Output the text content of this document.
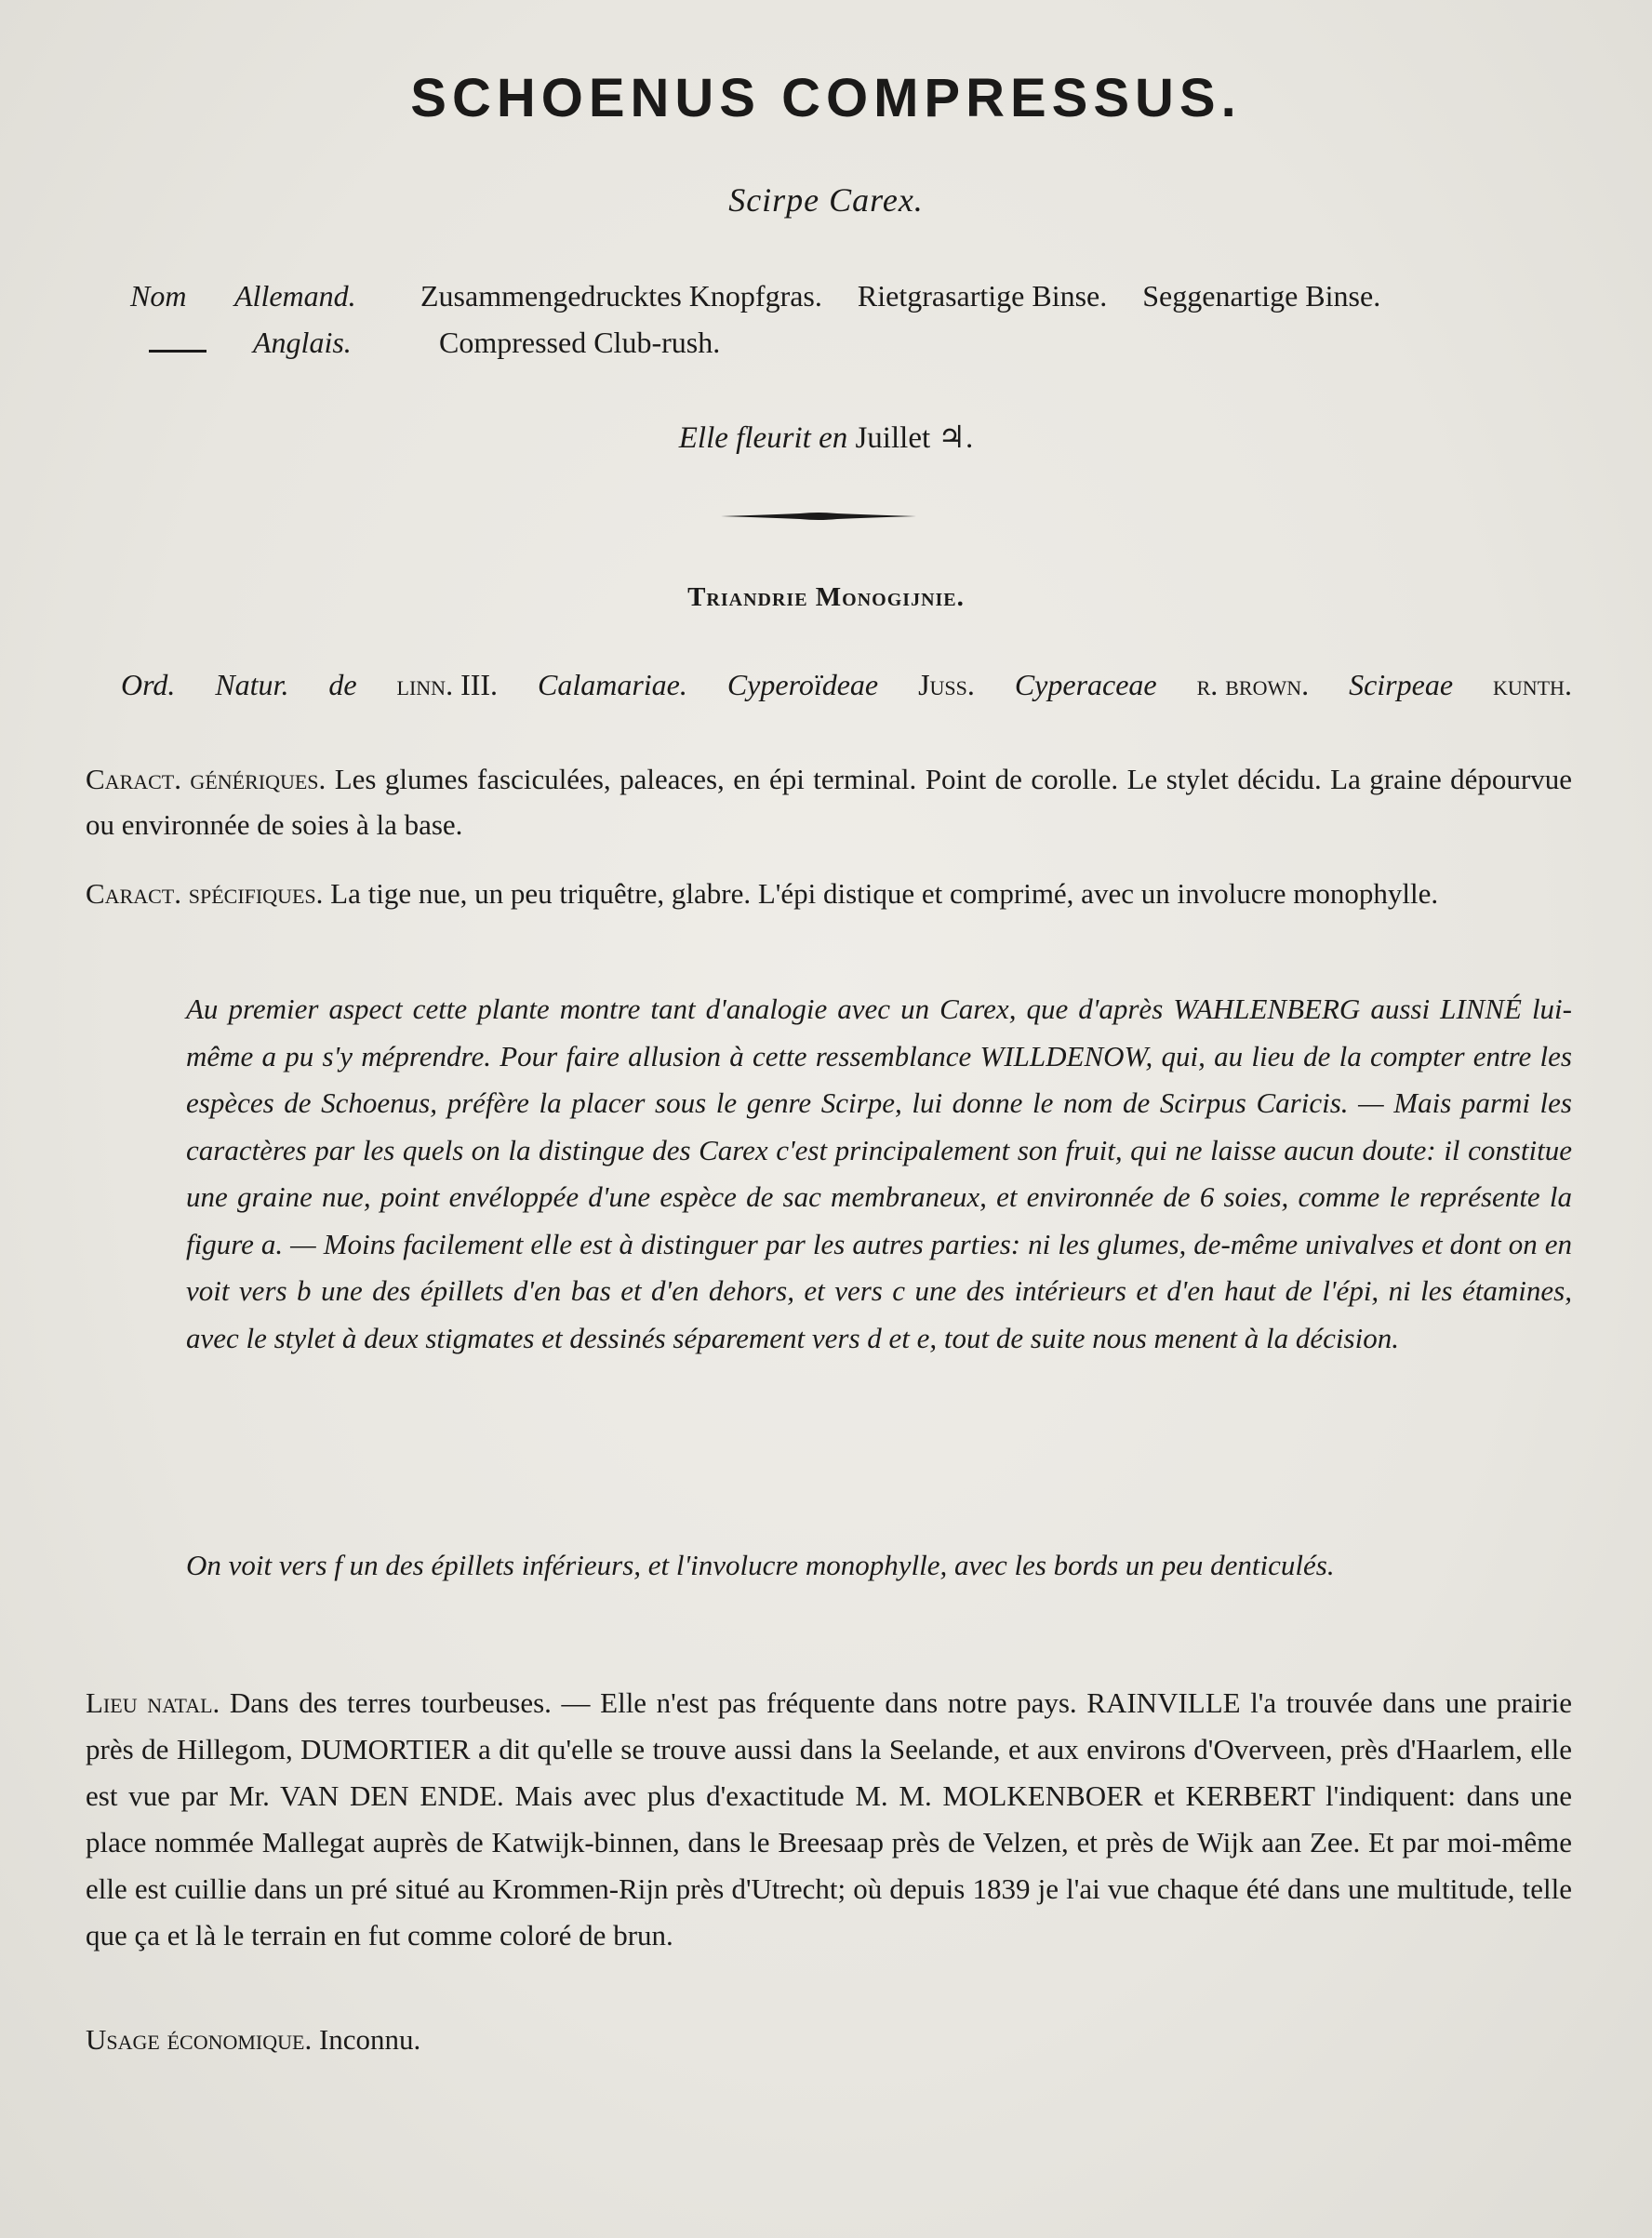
SCHOENUS COMPRESSUS.
Scirpe Carex.
Nom	Allemand.	Zusammengedrucktes Knopfgras. Rietgrasartige Binse. Seggenartige Binse.
Anglais.	Compressed Club-rush.
Elle fleurit en Juillet ♃.
Triandrie Monogijnie.
Ord. Natur. de linn. III. Calamariae. Cyperoïdeae Juss. Cyperaceae r. brown. Scirpeae kunth.
Caract. génériques. Les glumes fasciculées, paleaces, en épi terminal. Point de corolle. Le stylet décidu. La graine dépourvue ou environnée de soies à la base.
Caract. spécifiques. La tige nue, un peu triquêtre, glabre. L'épi distique et comprimé, avec un involucre monophylle.
Au premier aspect cette plante montre tant d'analogie avec un Carex, que d'après WAHLENBERG aussi LINNÉ lui-même a pu s'y méprendre. Pour faire allusion à cette ressemblance WILLDENOW, qui, au lieu de la compter entre les espèces de Schoenus, préfère la placer sous le genre Scirpe, lui donne le nom de Scirpus Caricis. — Mais parmi les caractères par les quels on la distingue des Carex c'est principalement son fruit, qui ne laisse aucun doute: il constitue une graine nue, point envéloppée d'une espèce de sac membraneux, et environnée de 6 soies, comme le représente la figure a. — Moins facilement elle est à distinguer par les autres parties: ni les glumes, de-même univalves et dont on en voit vers b une des épillets d'en bas et d'en dehors, et vers c une des intérieurs et d'en haut de l'épi, ni les étamines, avec le stylet à deux stigmates et dessinés séparement vers d et e, tout de suite nous menent à la décision.
On voit vers f un des épillets inférieurs, et l'involucre monophylle, avec les bords un peu denticulés.
Lieu natal. Dans des terres tourbeuses. — Elle n'est pas fréquente dans notre pays. RAINVILLE l'a trouvée dans une prairie près de Hillegom, DUMORTIER a dit qu'elle se trouve aussi dans la Seelande, et aux environs d'Overveen, près d'Haarlem, elle est vue par Mr. VAN DEN ENDE. Mais avec plus d'exactitude M. M. MOLKENBOER et KERBERT l'indiquent: dans une place nommée Mallegat auprès de Katwijk-binnen, dans le Breesaap près de Velzen, et près de Wijk aan Zee. Et par moi-même elle est cuillie dans un pré situé au Krommen-Rijn près d'Utrecht; où depuis 1839 je l'ai vue chaque été dans une multitude, telle que ça et là le terrain en fut comme coloré de brun.
Usage économique. Inconnu.
